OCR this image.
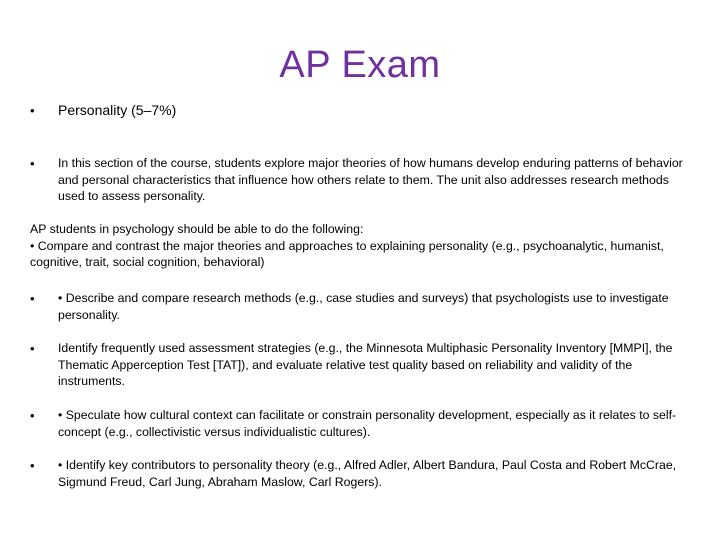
AP Exam
•	Personality (5–7%)
•	In this section of the course, students explore major theories of how humans develop enduring patterns of behavior and personal characteristics that influence how others relate to them. The unit also addresses research methods used to assess personality.
AP students in psychology should be able to do the following:
• Compare and contrast the major theories and approaches to explaining personality (e.g., psychoanalytic, humanist, cognitive, trait, social cognition, behavioral)
•	• Describe and compare research methods (e.g., case studies and surveys) that psychologists use to investigate personality.
•	Identify frequently used assessment strategies (e.g., the Minnesota Multiphasic Personality Inventory [MMPI], the Thematic Apperception Test [TAT]), and evaluate relative test quality based on reliability and validity of the instruments.
•	• Speculate how cultural context can facilitate or constrain personality development, especially as it relates to self-concept (e.g., collectivistic versus individualistic cultures).
•	• Identify key contributors to personality theory (e.g., Alfred Adler, Albert Bandura, Paul Costa and Robert McCrae, Sigmund Freud, Carl Jung, Abraham Maslow, Carl Rogers).
